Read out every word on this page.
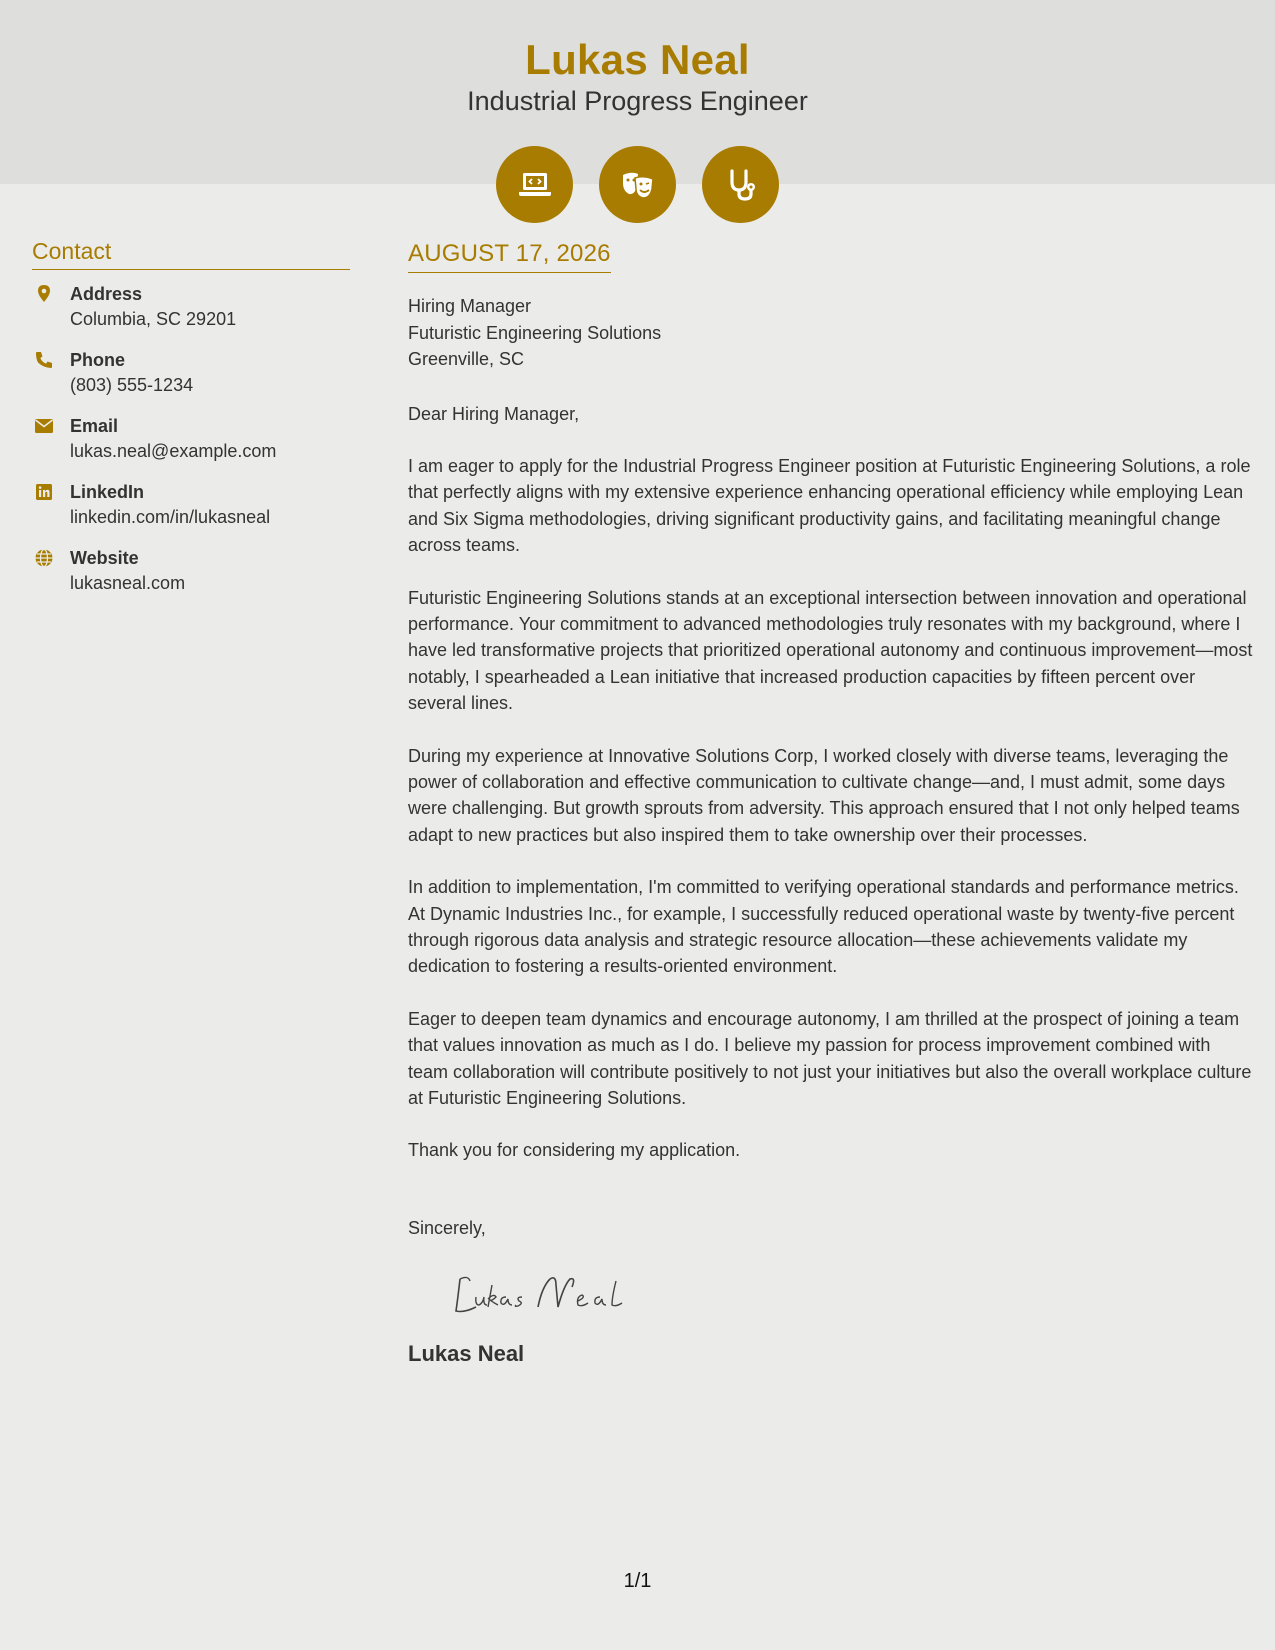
Lukas Neal
Industrial Progress Engineer
Contact
Address
Columbia, SC 29201
Phone
(803) 555-1234
Email
lukas.neal@example.com
LinkedIn
linkedin.com/in/lukasneal
Website
lukasneal.com
AUGUST 17, 2026
Hiring Manager
Futuristic Engineering Solutions
Greenville, SC
Dear Hiring Manager,
I am eager to apply for the Industrial Progress Engineer position at Futuristic Engineering Solutions, a role that perfectly aligns with my extensive experience enhancing operational efficiency while employing Lean and Six Sigma methodologies, driving significant productivity gains, and facilitating meaningful change across teams.
Futuristic Engineering Solutions stands at an exceptional intersection between innovation and operational performance. Your commitment to advanced methodologies truly resonates with my background, where I have led transformative projects that prioritized operational autonomy and continuous improvement—most notably, I spearheaded a Lean initiative that increased production capacities by fifteen percent over several lines.
During my experience at Innovative Solutions Corp, I worked closely with diverse teams, leveraging the power of collaboration and effective communication to cultivate change—and, I must admit, some days were challenging. But growth sprouts from adversity. This approach ensured that I not only helped teams adapt to new practices but also inspired them to take ownership over their processes.
In addition to implementation, I'm committed to verifying operational standards and performance metrics. At Dynamic Industries Inc., for example, I successfully reduced operational waste by twenty-five percent through rigorous data analysis and strategic resource allocation—these achievements validate my dedication to fostering a results-oriented environment.
Eager to deepen team dynamics and encourage autonomy, I am thrilled at the prospect of joining a team that values innovation as much as I do. I believe my passion for process improvement combined with team collaboration will contribute positively to not just your initiatives but also the overall workplace culture at Futuristic Engineering Solutions.
Thank you for considering my application.
Sincerely,
Lukas Neal
1/1
